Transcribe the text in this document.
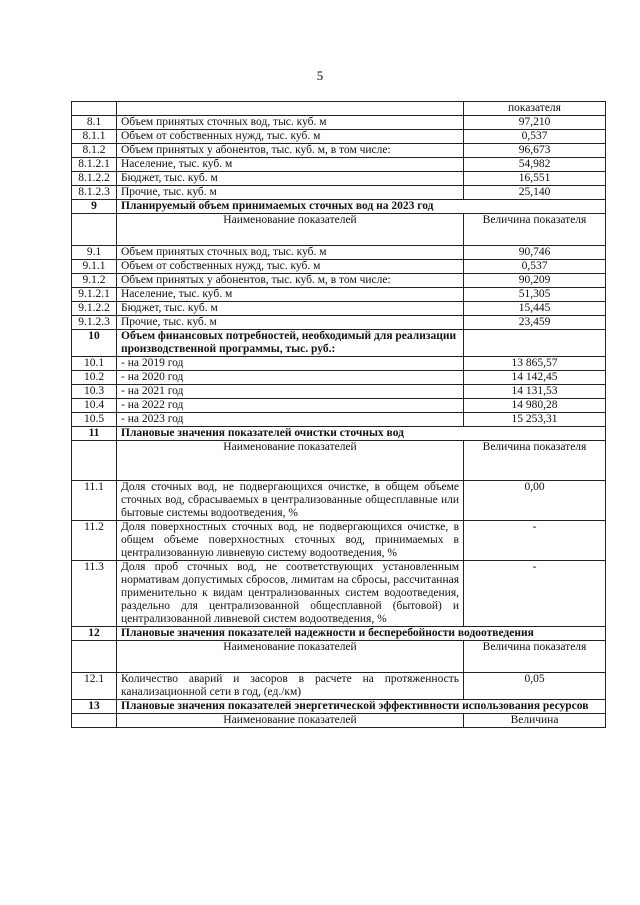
5
		показателя
8.1	Объем принятых сточных вод, тыс. куб. м	97,210
8.1.1	Объем от собственных нужд, тыс. куб. м	0,537
8.1.2	Объем принятых у абонентов, тыс. куб. м, в том числе:	96,673
8.1.2.1	Население, тыс. куб. м	54,982
8.1.2.2	Бюджет, тыс. куб. м	16,551
8.1.2.3	Прочие, тыс. куб. м	25,140
9	Планируемый объем принимаемых сточных вод на 2023 год	
	Наименование показателей	Величина показателя
9.1	Объем принятых сточных вод, тыс. куб. м	90,746
9.1.1	Объем от собственных нужд, тыс. куб. м	0,537
9.1.2	Объем принятых у абонентов, тыс. куб. м, в том числе:	90,209
9.1.2.1	Население, тыс. куб. м	51,305
9.1.2.2	Бюджет, тыс. куб. м	15,445
9.1.2.3	Прочие, тыс. куб. м	23,459
10	Объем финансовых потребностей, необходимый для реализации производственной программы, тыс. руб.:	
10.1	- на 2019 год	13 865,57
10.2	- на 2020 год	14 142,45
10.3	- на 2021 год	14 131,53
10.4	- на 2022 год	14 980,28
10.5	- на 2023 год	15 253,31
11	Плановые значения показателей очистки сточных вод	
	Наименование показателей	Величина показателя
11.1	Доля сточных вод, не подвергающихся очистке, в общем объеме сточных вод, сбрасываемых в централизованные общесплавные или бытовые системы водоотведения, %	0,00
11.2	Доля поверхностных сточных вод, не подвергающихся очистке, в общем объеме поверхностных сточных вод, принимаемых в централизованную ливневую систему водоотведения, %	-
11.3	Доля проб сточных вод, не соответствующих установленным нормативам допустимых сбросов, лимитам на сбросы, рассчитанная применительно к видам централизованных систем водоотведения, раздельно для централизованной общесплавной (бытовой) и централизованной ливневой систем водоотведения, %	-
12	Плановые значения показателей надежности и бесперебойности водоотведения	
	Наименование показателей	Величина показателя
12.1	Количество аварий и засоров в расчете на протяженность канализационной сети в год, (ед./км)	0,05
13	Плановые значения показателей энергетической эффективности использования ресурсов	
	Наименование показателей	Величина
